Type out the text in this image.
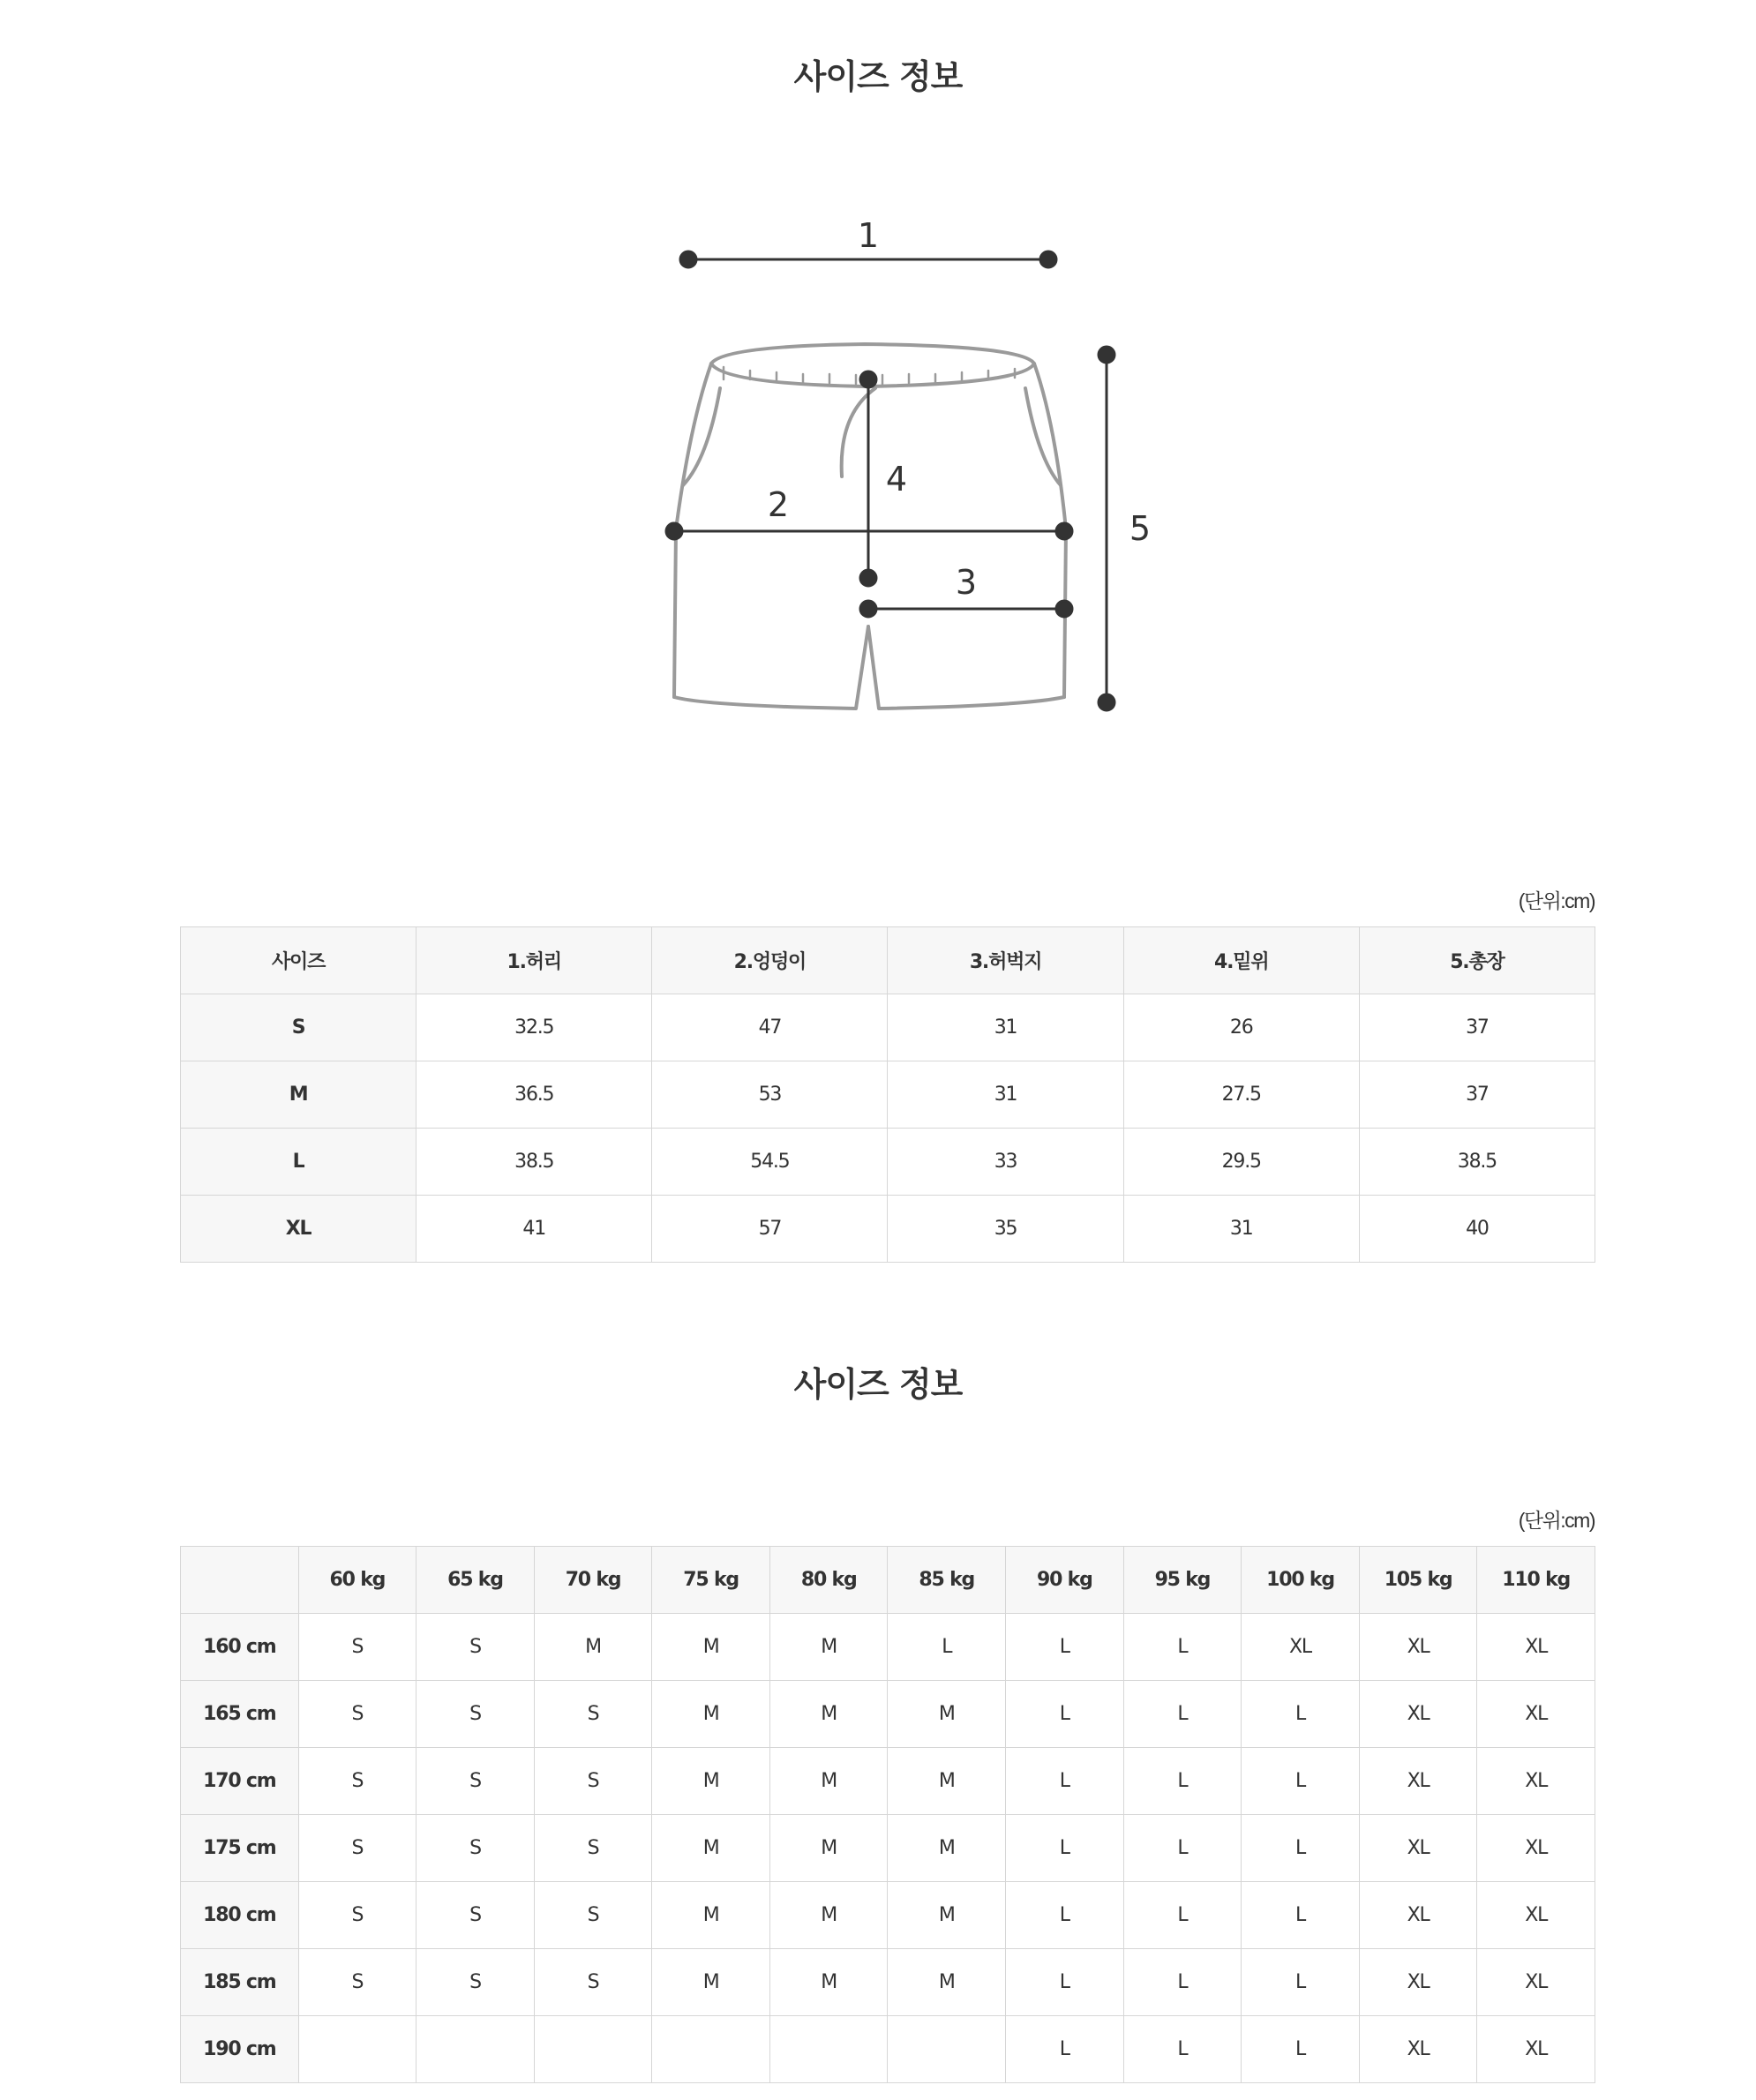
사이즈 정보
1
2
3
4
5
(단위:cm)
사이즈	1.허리	2.엉덩이	3.허벅지	4.밑위	5.총장
S	32.5	47	31	26	37
M	36.5	53	31	27.5	37
L	38.5	54.5	33	29.5	38.5
XL	41	57	35	31	40
사이즈 정보
(단위:cm)
	60 kg	65 kg	70 kg	75 kg	80 kg	85 kg	90 kg	95 kg	100 kg	105 kg	110 kg
160 cm	S	S	M	M	M	L	L	L	XL	XL	XL
165 cm	S	S	S	M	M	M	L	L	L	XL	XL
170 cm	S	S	S	M	M	M	L	L	L	XL	XL
175 cm	S	S	S	M	M	M	L	L	L	XL	XL
180 cm	S	S	S	M	M	M	L	L	L	XL	XL
185 cm	S	S	S	M	M	M	L	L	L	XL	XL
190 cm							L	L	L	XL	XL
